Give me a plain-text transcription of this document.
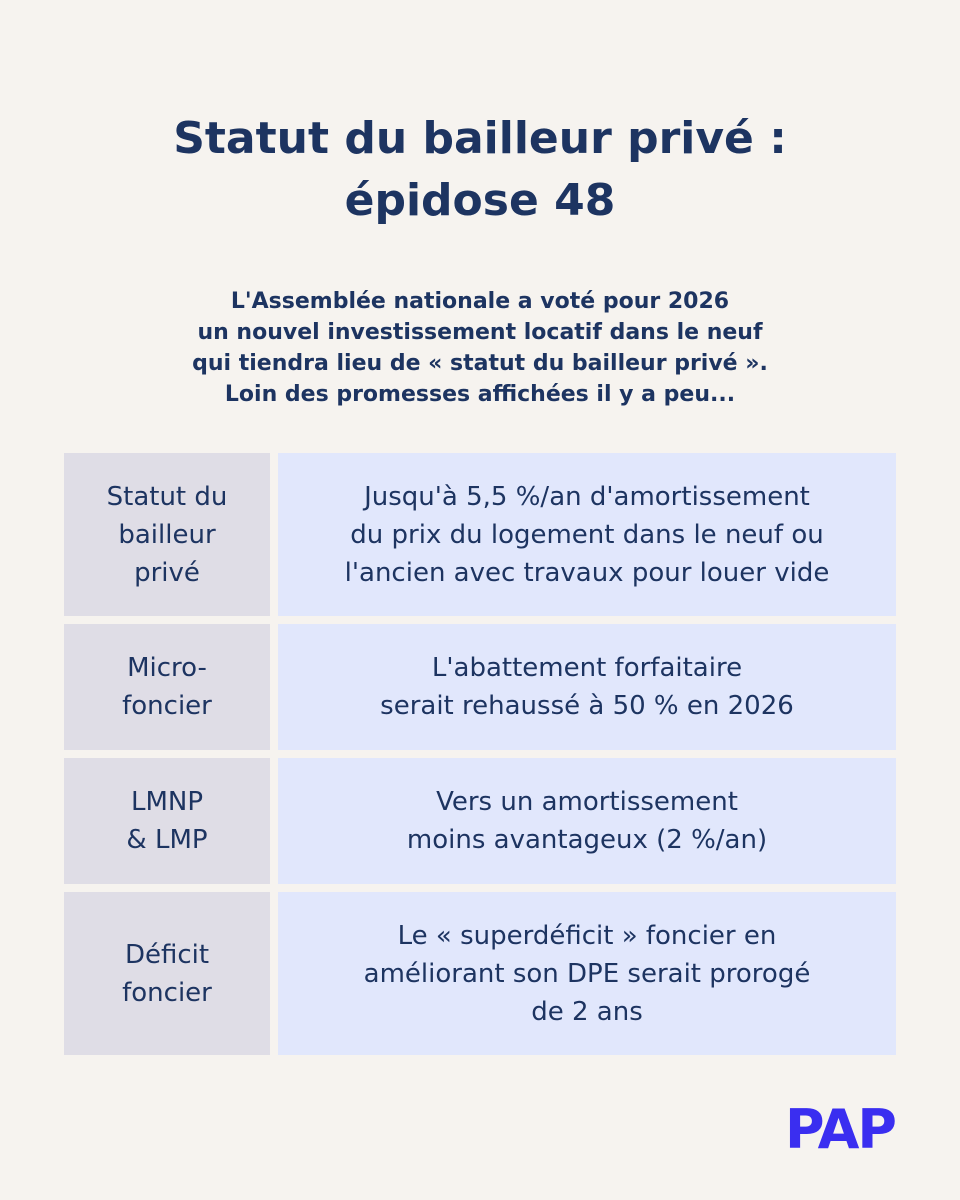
Statut du bailleur privé :
épidose 48

L'Assemblée nationale a voté pour 2026
un nouvel investissement locatif dans le neuf
qui tiendra lieu de « statut du bailleur privé ».
Loin des promesses affichées il y a peu...

Statut du
bailleur
privé
Jusqu'à 5,5 %/an d'amortissement
du prix du logement dans le neuf ou
l'ancien avec travaux pour louer vide
Micro-
foncier
L'abattement forfaitaire
serait rehaussé à 50 % en 2026
LMNP
& LMP
Vers un amortissement
moins avantageux (2 %/an)
Déficit
foncier
Le « superdéficit » foncier en
améliorant son DPE serait prorogé
de 2 ans
PAP
